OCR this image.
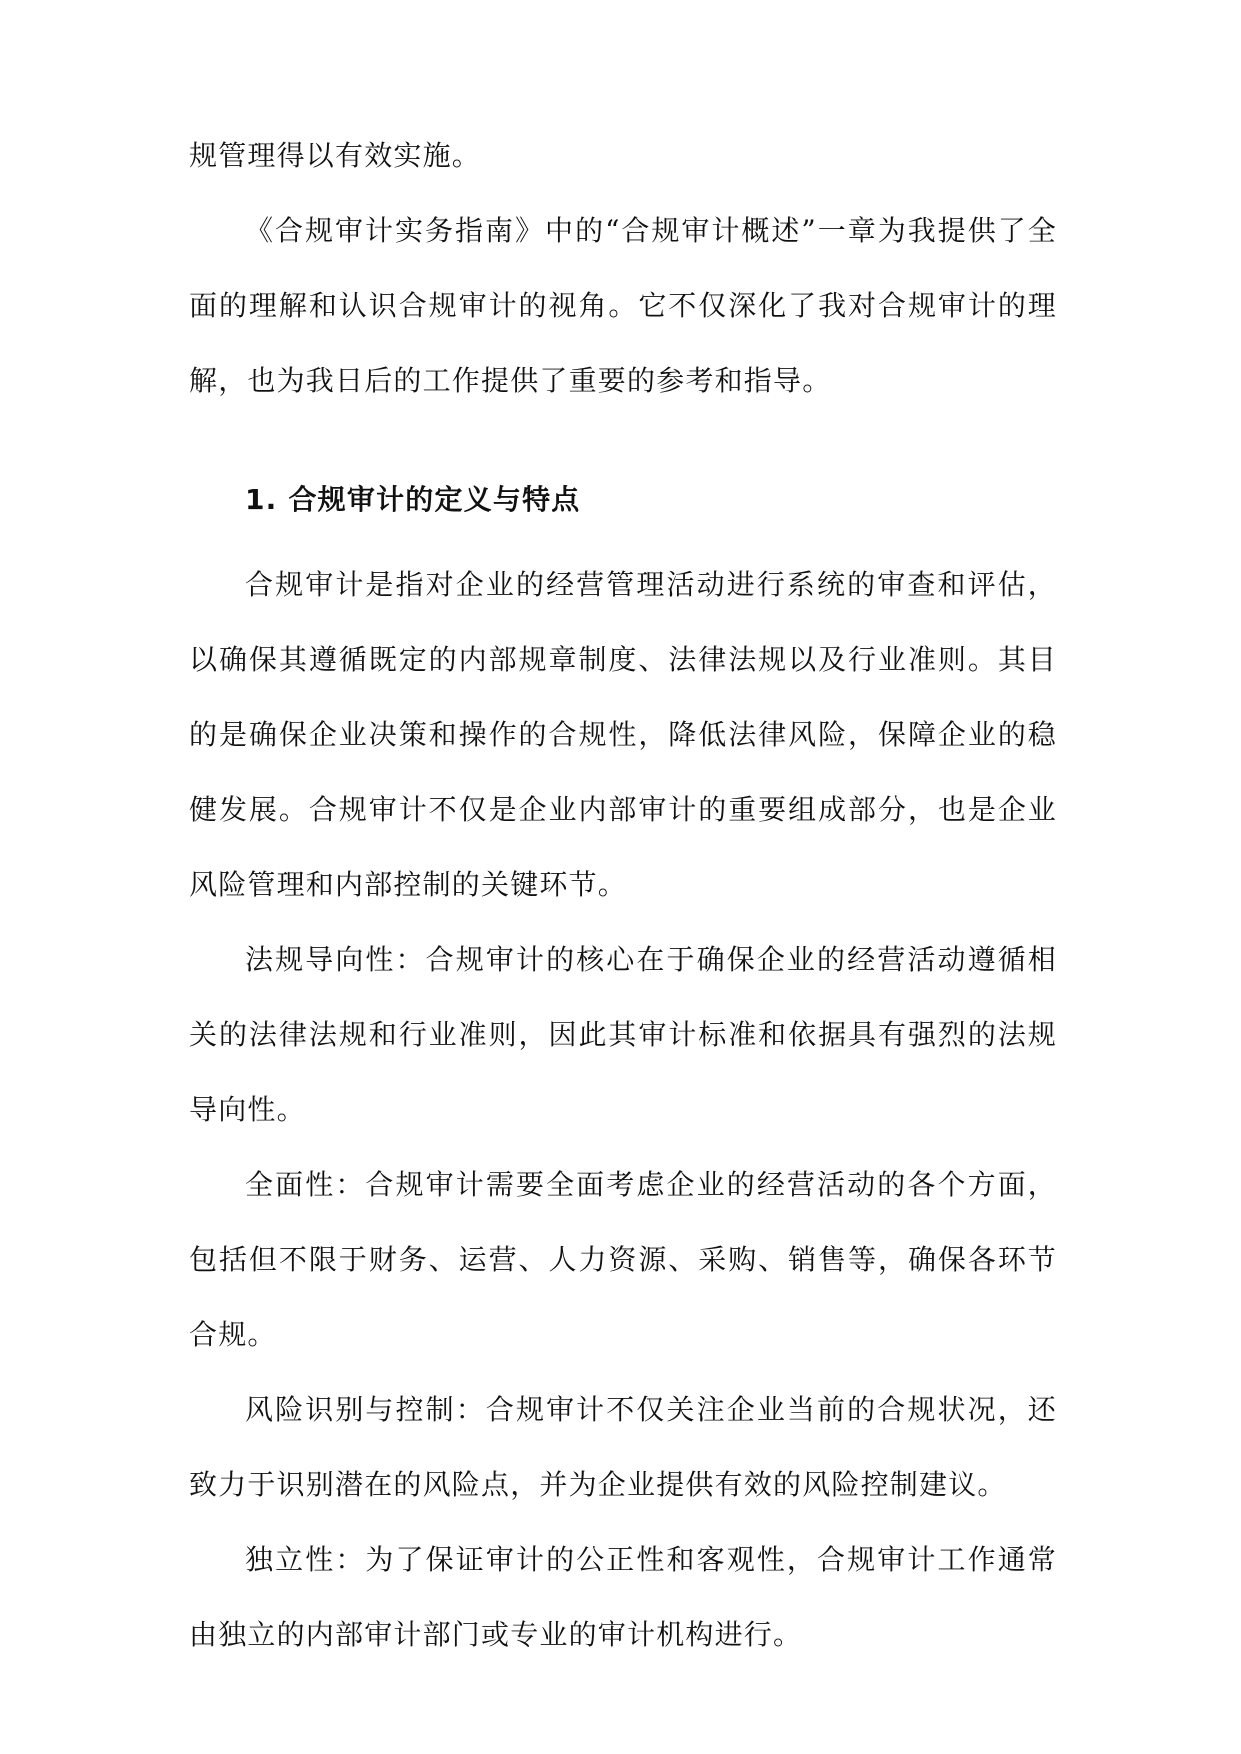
规管理得以有效实施。

《合规审计实务指南》中的“合规审计概述”一章为我提供了全面的理解和认识合规审计的视角。它不仅深化了我对合规审计的理解，也为我日后的工作提供了重要的参考和指导。

1. 合规审计的定义与特点

合规审计是指对企业的经营管理活动进行系统的审查和评估，以确保其遵循既定的内部规章制度、法律法规以及行业准则。其目的是确保企业决策和操作的合规性，降低法律风险，保障企业的稳健发展。合规审计不仅是企业内部审计的重要组成部分，也是企业风险管理和内部控制的关键环节。

法规导向性：合规审计的核心在于确保企业的经营活动遵循相关的法律法规和行业准则，因此其审计标准和依据具有强烈的法规导向性。

全面性：合规审计需要全面考虑企业的经营活动的各个方面，包括但不限于财务、运营、人力资源、采购、销售等，确保各环节合规。

风险识别与控制：合规审计不仅关注企业当前的合规状况，还致力于识别潜在的风险点，并为企业提供有效的风险控制建议。

独立性：为了保证审计的公正性和客观性，合规审计工作通常由独立的内部审计部门或专业的审计机构进行。
